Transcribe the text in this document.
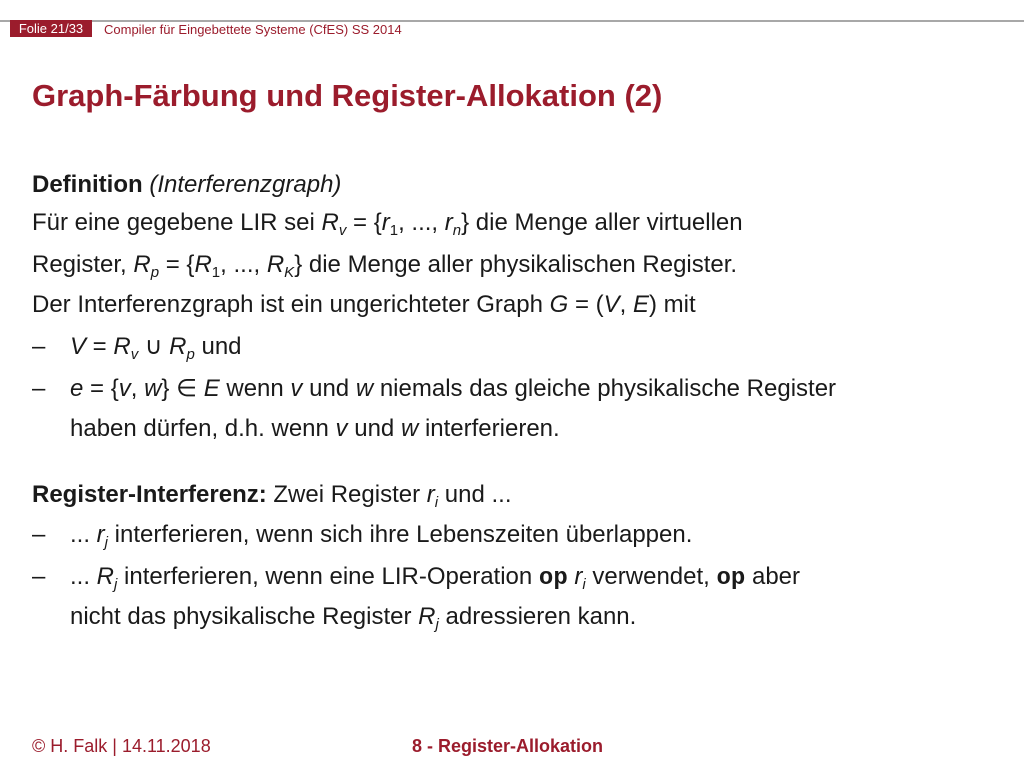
Folie 21/33	Compiler für Eingebettete Systeme (CfES) SS 2014
Graph-Färbung und Register-Allokation (2)
Definition (Interferenzgraph)
Für eine gegebene LIR sei $R_v = \{r_1$, ..., $r_n$} die Menge aller virtuellen
Register, $R_p = \{R_1$, ..., $R_K$} die Menge aller physikalischen Register.
Der Interferenzgraph ist ein ungerichteter Graph G = (V, E) mit
– $V = R_v$ ∪ $R_p$ und
– e = {v, w} ∈ E wenn v und w niemals das gleiche physikalische Register
haben dürfen, d.h. wenn v und w interferieren.
Register-Interferenz: Zwei Register $r_i$ und ...
– ... $r_j$ interferieren, wenn sich ihre Lebenszeiten überlappen.
– ... $R_j$ interferieren, wenn eine LIR-Operation op $r_i$ verwendet, op aber
nicht das physikalische Register $R_j$ adressieren kann.
© H. Falk | 14.11.2018	8 - Register-Allokation
